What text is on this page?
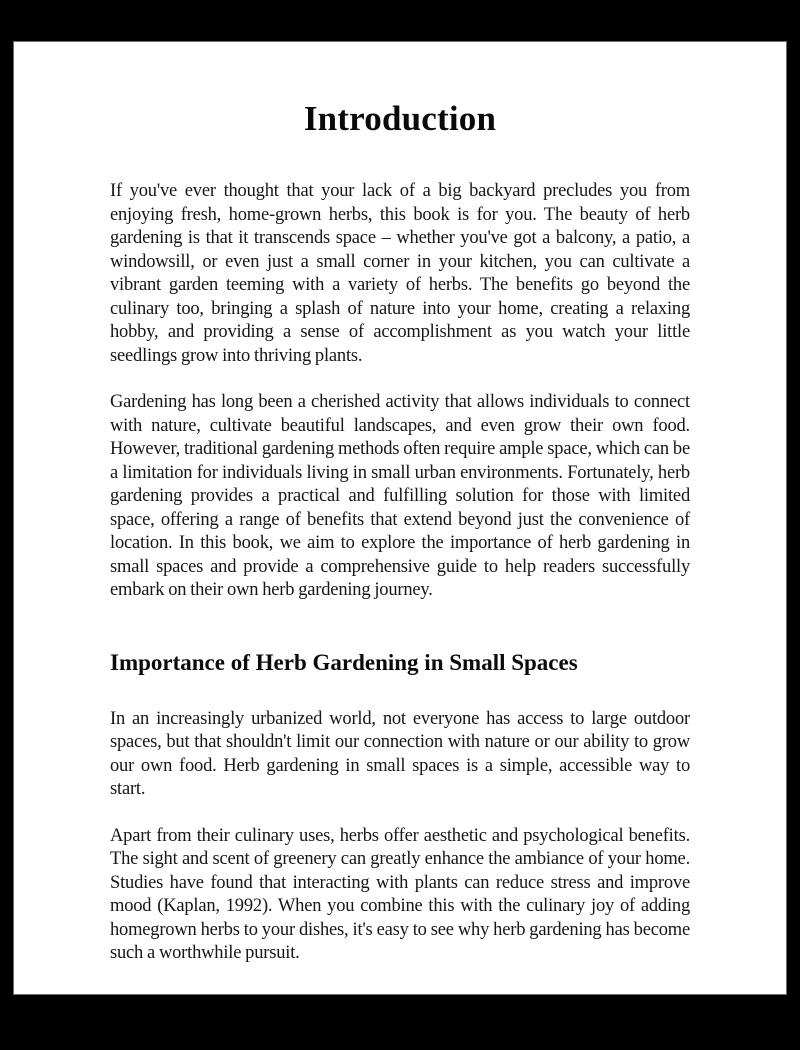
Introduction

If you've ever thought that your lack of a big backyard precludes you from enjoying fresh, home-grown herbs, this book is for you. The beauty of herb gardening is that it transcends space – whether you've got a balcony, a patio, a windowsill, or even just a small corner in your kitchen, you can cultivate a vibrant garden teeming with a variety of herbs. The benefits go beyond the culinary too, bringing a splash of nature into your home, creating a relaxing hobby, and providing a sense of accomplishment as you watch your little seedlings grow into thriving plants.

Gardening has long been a cherished activity that allows individuals to connect with nature, cultivate beautiful landscapes, and even grow their own food. However, traditional gardening methods often require ample space, which can be a limitation for individuals living in small urban environments. Fortunately, herb gardening provides a practical and fulfilling solution for those with limited space, offering a range of benefits that extend beyond just the convenience of location. In this book, we aim to explore the importance of herb gardening in small spaces and provide a comprehensive guide to help readers successfully embark on their own herb gardening journey.

Importance of Herb Gardening in Small Spaces

In an increasingly urbanized world, not everyone has access to large outdoor spaces, but that shouldn't limit our connection with nature or our ability to grow our own food. Herb gardening in small spaces is a simple, accessible way to start.

Apart from their culinary uses, herbs offer aesthetic and psychological benefits. The sight and scent of greenery can greatly enhance the ambiance of your home. Studies have found that interacting with plants can reduce stress and improve mood (Kaplan, 1992). When you combine this with the culinary joy of adding homegrown herbs to your dishes, it's easy to see why herb gardening has become such a worthwhile pursuit.
